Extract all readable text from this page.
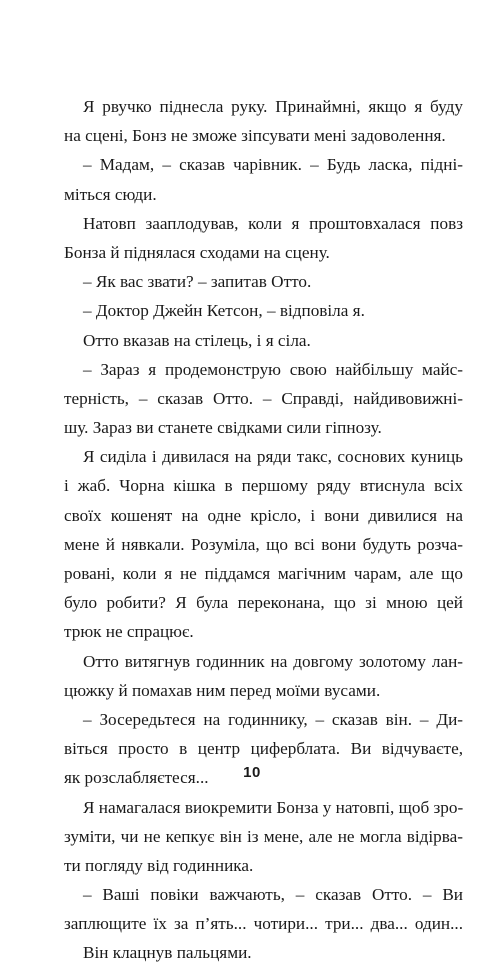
Я рвучко піднесла руку. Принаймні, якщо я буду
на сцені, Бонз не зможе зіпсувати мені задоволення.
– Мадам, – сказав чарівник. – Будь ласка, підні-
міться сюди.
Натовп зааплодував, коли я проштовхалася повз
Бонза й піднялася сходами на сцену.
– Як вас звати? – запитав Отто.
– Доктор Джейн Кетсон, – відповіла я.
Отто вказав на стілець, і я сіла.
– Зараз я продемонструю свою найбільшу майс-
терність, – сказав Отто. – Справді, найдивовижні-
шу. Зараз ви станете свідками сили гіпнозу.
Я сиділа і дивилася на ряди такс, соснових куниць
і жаб. Чорна кішка в першому ряду втиснула всіх
своїх кошенят на одне крісло, і вони дивилися на
мене й нявкали. Розуміла, що всі вони будуть розча-
ровані, коли я не піддамся магічним чарам, але що
було робити? Я була переконана, що зі мною цей
трюк не спрацює.
Отто витягнув годинник на довгому золотому лан-
цюжку й помахав ним перед моїми вусами.
– Зосередьтеся на годиннику, – сказав він. – Ди-
віться просто в центр циферблата. Ви відчуваєте,
як розслабляєтеся...
Я намагалася виокремити Бонза у натовпі, щоб зро-
зуміти, чи не кепкує він із мене, але не могла відірва-
ти погляду від годинника.
– Ваші повіки важчають, – сказав Отто. – Ви
заплющите їх за п’ять... чотири... три... два... один...
Він клацнув пальцями.
10
